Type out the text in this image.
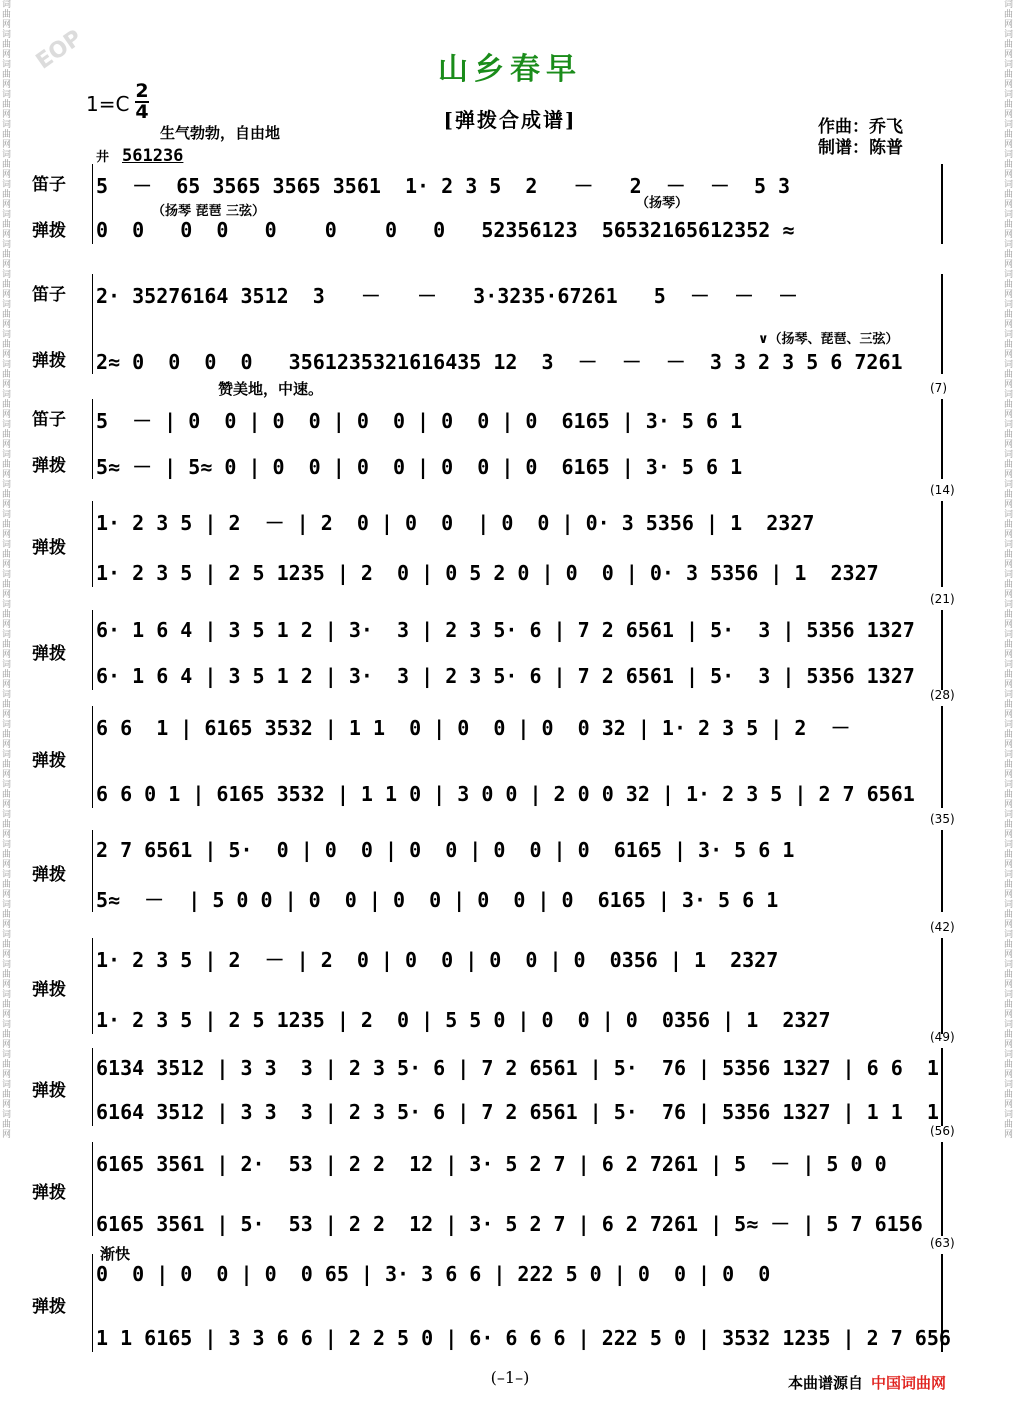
词曲网词曲网词曲网词曲网词曲网词曲网词曲网词曲网词曲网词曲网词曲网词曲网词曲网词曲网词曲网词曲网词曲网词曲网词曲网词曲网词曲网词曲网词曲网词曲网词曲网词曲网词曲网词曲网词曲网词曲网词曲网词曲网词曲网词曲网词曲网词曲网词曲网词曲网
词曲网词曲网词曲网词曲网词曲网词曲网词曲网词曲网词曲网词曲网词曲网词曲网词曲网词曲网词曲网词曲网词曲网词曲网词曲网词曲网词曲网词曲网词曲网词曲网词曲网词曲网词曲网词曲网词曲网词曲网词曲网词曲网词曲网词曲网词曲网词曲网词曲网词曲网
EOP	山乡春早
[弹拨合成谱]
1=C
2
4
生气勃勃，自由地	作曲：乔飞
制谱：陈普
井 561236
（扬琴 琵琶 三弦）
（扬琴）
∨（扬琴、琵琶、三弦）
赞美地，中速。
渐快
笛子
弹拨
5  －  65 3565 3565 3561  1· 2 3 5  2   －   2  －  －  5 3
0  0   0  0   0    0    0   0   52356123  56532165612352 ≈
笛子
弹拨
2· 35276164 3512  3   －   －   3·3235·67261   5  －  －  －
2≈ 0  0  0  0   3561235321616435 12  3  －  －  －  3 3 2 3 5 6 7261
笛子
弹拨
(7)
5  － | 0  0 | 0  0 | 0  0 | 0  0 | 0  6165 | 3· 5 6 1
5≈ － | 5≈ 0 | 0  0 | 0  0 | 0  0 | 0  6165 | 3· 5 6 1
弹拨
(14)
1· 2 3 5 | 2  － | 2  0 | 0  0  | 0  0 | 0· 3 5356 | 1  2327
1· 2 3 5 | 2 5 1235 | 2  0 | 0 5 2 0 | 0  0 | 0· 3 5356 | 1  2327
弹拨
(21)
6· 1 6 4 | 3 5 1 2 | 3·  3 | 2 3 5· 6 | 7 2 6561 | 5·  3 | 5356 1327
6· 1 6 4 | 3 5 1 2 | 3·  3 | 2 3 5· 6 | 7 2 6561 | 5·  3 | 5356 1327
弹拨
(28)
6 6  1 | 6165 3532 | 1 1  0 | 0  0 | 0  0 32 | 1· 2 3 5 | 2  －
6 6 0 1 | 6165 3532 | 1 1 0 | 3 0 0 | 2 0 0 32 | 1· 2 3 5 | 2 7 6561
弹拨
(35)
2 7 6561 | 5·  0 | 0  0 | 0  0 | 0  0 | 0  6165 | 3· 5 6 1
5≈  －  | 5 0 0 | 0  0 | 0  0 | 0  0 | 0  6165 | 3· 5 6 1
弹拨
(42)
1· 2 3 5 | 2  － | 2  0 | 0  0 | 0  0 | 0  0356 | 1  2327
1· 2 3 5 | 2 5 1235 | 2  0 | 5 5 0 | 0  0 | 0  0356 | 1  2327
弹拨
(49)
6134 3512 | 3 3  3 | 2 3 5· 6 | 7 2 6561 | 5·  76 | 5356 1327 | 6 6  1
6164 3512 | 3 3  3 | 2 3 5· 6 | 7 2 6561 | 5·  76 | 5356 1327 | 1 1  1
弹拨
(56)
6165 3561 | 2·  53 | 2 2  12 | 3· 5 2 7 | 6 2 7261 | 5  － | 5 0 0
6165 3561 | 5·  53 | 2 2  12 | 3· 5 2 7 | 6 2 7261 | 5≈ － | 5 7 6156
弹拨
(63)
0  0 | 0  0 | 0  0 65 | 3· 3 6 6 | 222 5 0 | 0  0 | 0  0
1 1 6165 | 3 3 6 6 | 2 2 5 0 | 6· 6 6 6 | 222 5 0 | 3532 1235 | 2 7 656
(–1–)	本曲谱源自 中国词曲网
